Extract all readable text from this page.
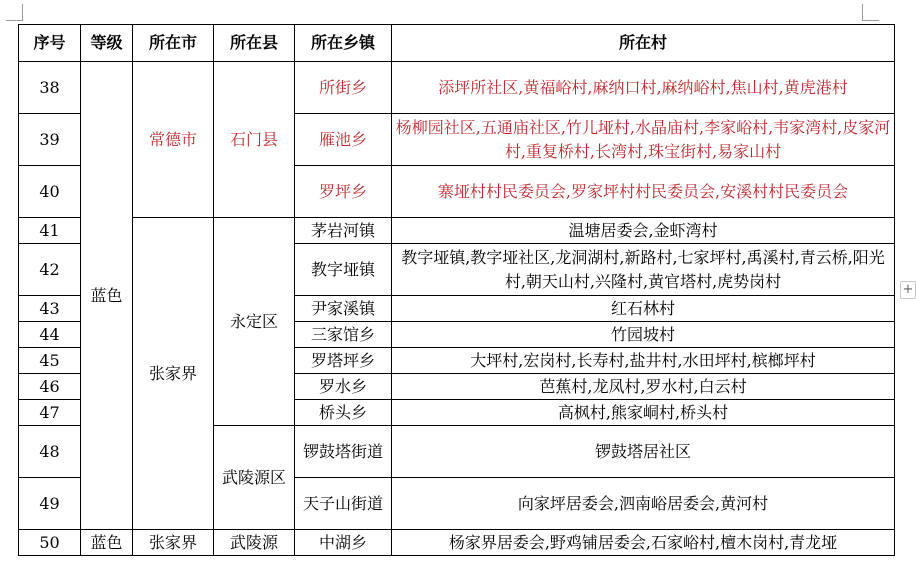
序号	等级	所在市	所在县	所在乡镇	所在村
38	蓝色	常德市	石门县	所街乡	添坪所社区,黄福峪村,麻纳口村,麻纳峪村,焦山村,黄虎港村
39				雁池乡	杨柳园社区,五通庙社区,竹儿垭村,水晶庙村,李家峪村,韦家湾村,皮家河村,重复桥村,长湾村,珠宝街村,易家山村
40				罗坪乡	寨垭村村民委员会,罗家坪村村民委员会,安溪村村民委员会
41		张家界	永定区	茅岩河镇	温塘居委会,金虾湾村
42				教字垭镇	教字垭镇,教字垭社区,龙洞湖村,新路村,七家坪村,禹溪村,青云桥,阳光村,朝天山村,兴隆村,黄官塔村,虎势岗村
43				尹家溪镇	红石林村
44				三家馆乡	竹园坡村
45				罗塔坪乡	大坪村,宏岗村,长寿村,盐井村,水田坪村,槟榔坪村
46				罗水乡	芭蕉村,龙凤村,罗水村,白云村
47				桥头乡	高枫村,熊家峒村,桥头村
48			武陵源区	锣鼓塔街道	锣鼓塔居社区
49				天子山街道	向家坪居委会,泗南峪居委会,黄河村
50	蓝色	张家界	武陵源	中湖乡	杨家界居委会,野鸡铺居委会,石家峪村,檀木岗村,青龙垭
+
